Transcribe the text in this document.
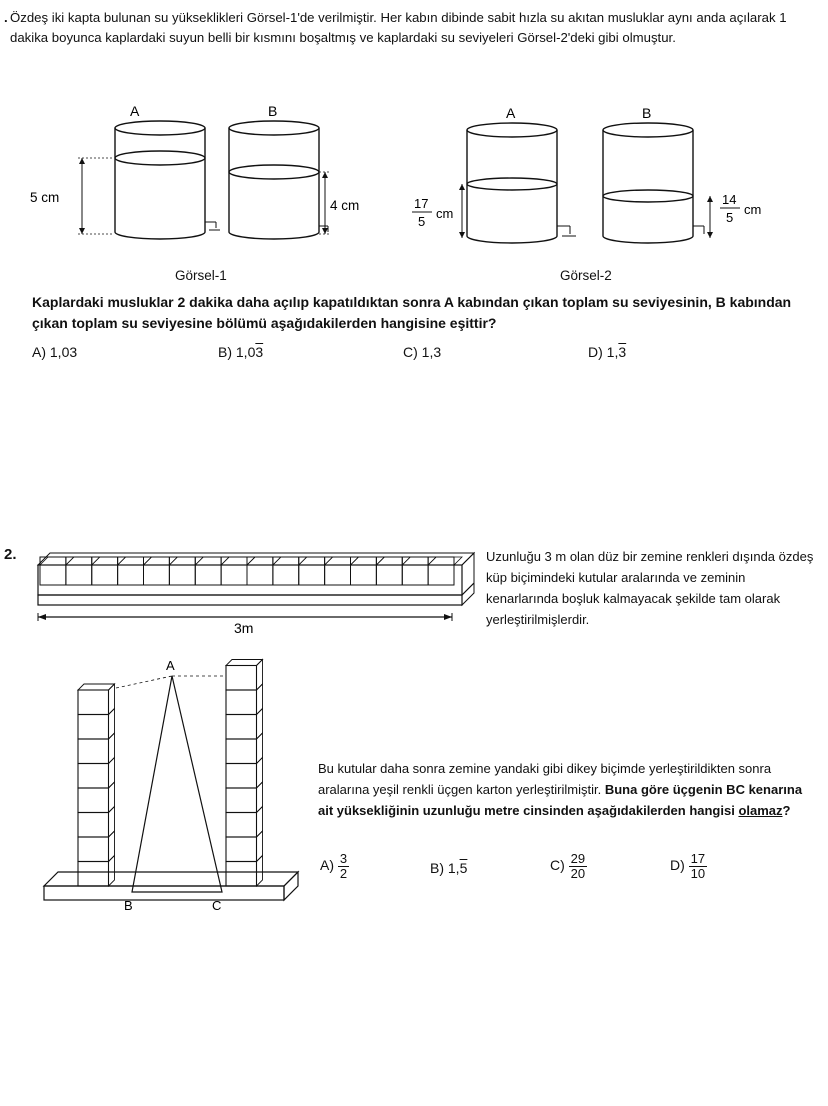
. Özdeş iki kapta bulunan su yükseklikleri Görsel-1'de verilmiştir. Her kabın dibinde sabit hızla su akıtan musluklar aynı anda açılarak 1 dakika boyunca kaplardaki suyun belli bir kısmını boşaltmış ve kaplardaki su seviyeleri Görsel-2'deki gibi olmuştur.
A
5 cm
B
4 cm
A
17
5
cm
B
14
5
cm
Görsel-1	Görsel-2
Kaplardaki musluklar 2 dakika daha açılıp kapatıldıktan sonra A kabından çıkan toplam su seviyesinin, B kabından çıkan toplam su seviyesine bölümü aşağıdakilerden hangisine eşittir?
A) 1,03	B) 1,03	C) 1,3	D) 1,3
2.
3m
Uzunluğu 3 m olan düz bir zemine renkleri dışında özdeş küp biçimindeki kutular aralarında ve zeminin kenarlarında boşluk kalmayacak şekilde tam olarak yerleştirilmişlerdir.
A
B	C
Bu kutular daha sonra zemine yandaki gibi dikey biçimde yerleştirildikten sonra aralarına yeşil renkli üçgen karton yerleştirilmiştir. Buna göre üçgenin BC kenarına ait yüksekliğinin uzunluğu metre cinsinden aşağıdakilerden hangisi olamaz?
$A) \frac{3}{2}$	B) 1,5	$C) \frac{29}{20}$	$D) \frac{17}{10}$
